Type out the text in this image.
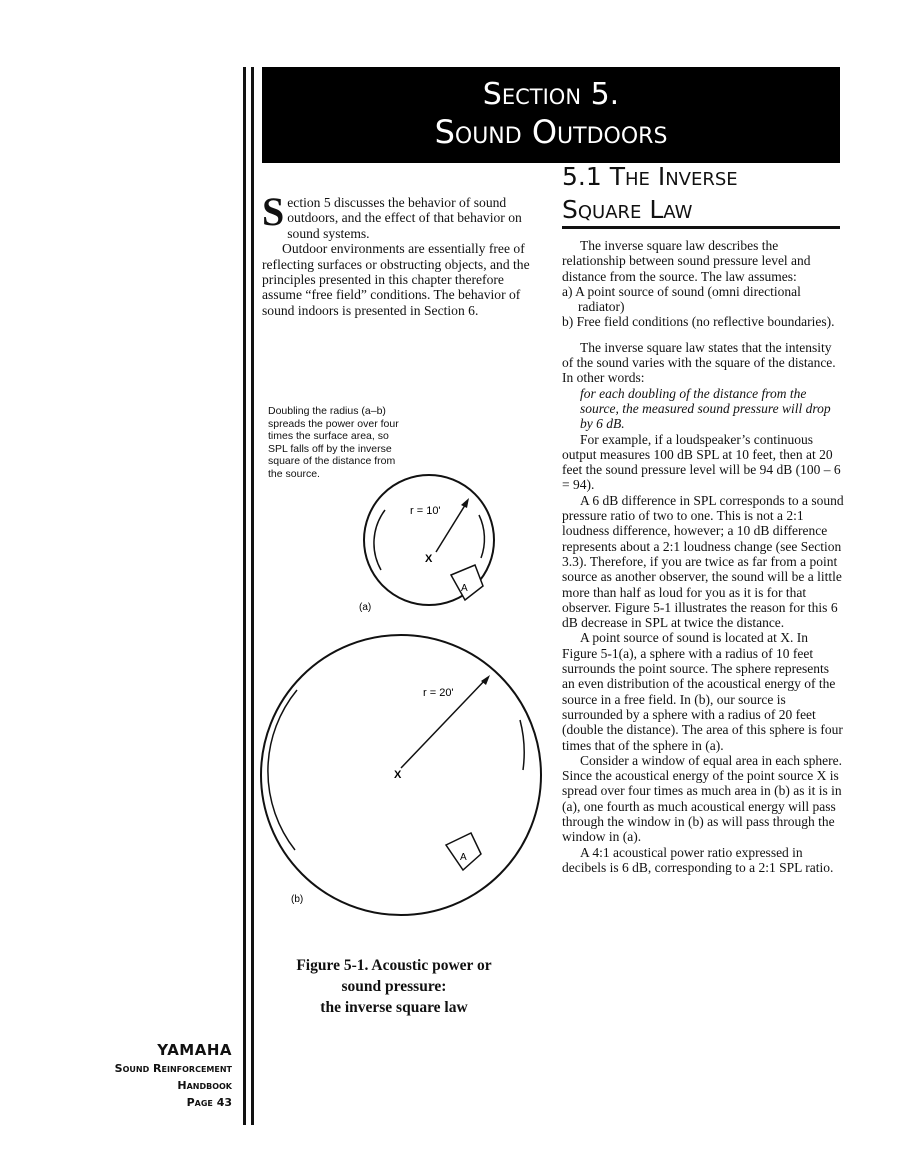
Section 5.
Sound Outdoors
5.1 The Inverse
Square Law

Section 5 discusses the behavior of sound outdoors, and the effect of that behavior on sound systems.

Outdoor environments are essentially free of reflecting surfaces or obstructing objects, and the principles presented in this chapter therefore assume “free field” conditions. The behavior of sound indoors is presented in Section 6.

Doubling the radius (a–b) spreads the power over four times the surface area, so SPL falls off by the inverse square of the distance from the source.
r = 10'
X
A
(a)
r = 20'
X
A
(b)
Figure 5-1. Acoustic power or
sound pressure:
the inverse square law

The inverse square law describes the relationship between sound pressure level and distance from the source. The law assumes:

a) A point source of sound (omni directional radiator)

b) Free field conditions (no reflective boundaries).

The inverse square law states that the intensity of the sound varies with the square of the distance. In other words:

for each doubling of the distance from the source, the measured sound pressure will drop by 6 dB.

For example, if a loudspeaker’s continuous output measures 100 dB SPL at 10 feet, then at 20 feet the sound pressure level will be 94 dB (100 – 6 = 94).

A 6 dB difference in SPL corresponds to a sound pressure ratio of two to one. This is not a 2:1 loudness difference, however; a 10 dB difference represents about a 2:1 loudness change (see Section 3.3). Therefore, if you are twice as far from a point source as another observer, the sound will be a little more than half as loud for you as it is for that observer. Figure 5-1 illustrates the reason for this 6 dB decrease in SPL at twice the distance.

A point source of sound is located at X. In Figure 5-1(a), a sphere with a radius of 10 feet surrounds the point source. The sphere represents an even distribution of the acoustical energy of the source in a free field. In (b), our source is surrounded by a sphere with a radius of 20 feet (double the distance). The area of this sphere is four times that of the sphere in (a).

Consider a window of equal area in each sphere. Since the acoustical energy of the point source X is spread over four times as much area in (b) as it is in (a), one fourth as much acoustical energy will pass through the window in (b) as will pass through the window in (a).

A 4:1 acoustical power ratio expressed in decibels is 6 dB, corresponding to a 2:1 SPL ratio.

YAMAHA
Sound Reinforcement
Handbook
Page 43
